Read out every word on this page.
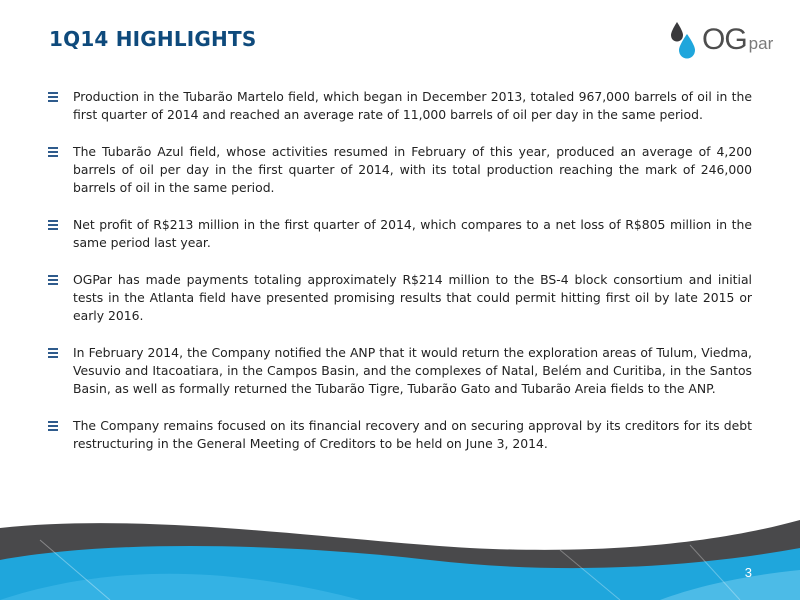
1Q14 HIGHLIGHTS	OG par
Production in the Tubarão Martelo field, which began in December 2013, totaled 967,000 barrels of oil in the first quarter of 2014 and reached an average rate of 11,000 barrels of oil per day in the same period.
The Tubarão Azul field, whose activities resumed in February of this year, produced an average of 4,200 barrels of oil per day in the first quarter of 2014, with its total production reaching the mark of 246,000 barrels of oil in the same period.
Net profit of R$213 million in the first quarter of 2014, which compares to a net loss of R$805 million in the same period last year.
OGPar has made payments totaling approximately R$214 million to the BS-4 block consortium and initial tests in the Atlanta field have presented promising results that could permit hitting first oil by late 2015 or early 2016.
In February 2014, the Company notified the ANP that it would return the exploration areas of Tulum, Viedma, Vesuvio and Itacoatiara, in the Campos Basin, and the complexes of Natal, Belém and Curitiba, in the Santos Basin, as well as formally returned the Tubarão Tigre, Tubarão Gato and Tubarão Areia fields to the ANP.
The Company remains focused on its financial recovery and on securing approval by its creditors for its debt restructuring in the General Meeting of Creditors to be held on June 3, 2014.
3
